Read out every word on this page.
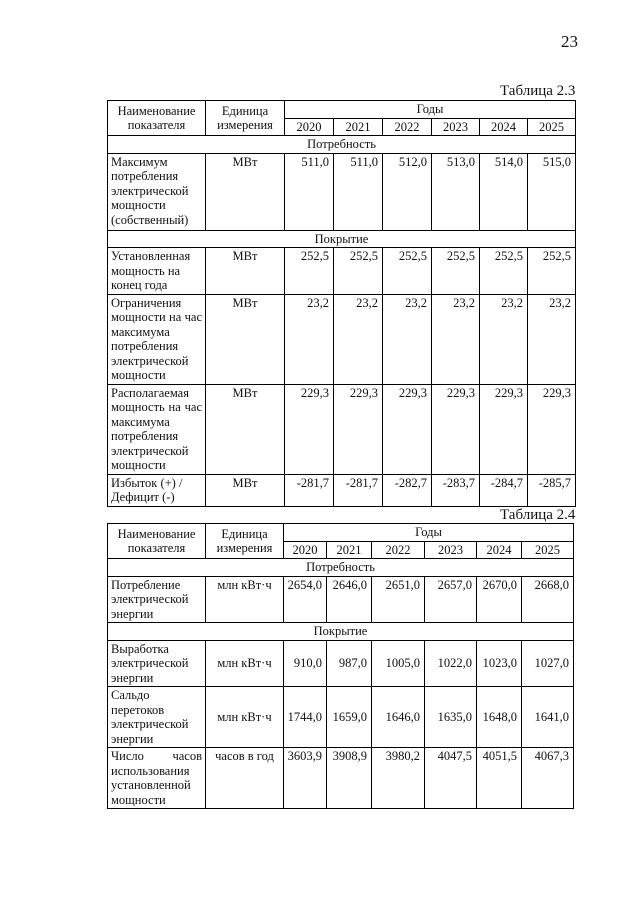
23
Таблица 2.3
Наименование показателя	Единица измерения	Годы					
		2020	2021	2022	2023	2024	2025
Потребность							
Максимум потребления электрической мощности (собственный)	МВт	511,0	511,0	512,0	513,0	514,0	515,0
Покрытие							
Установленная мощность на конец года	МВт	252,5	252,5	252,5	252,5	252,5	252,5
Ограничения мощности на час максимума потребления электрической мощности	МВт	23,2	23,2	23,2	23,2	23,2	23,2
Располагаемая мощность на час максимума потребления электрической мощности	МВт	229,3	229,3	229,3	229,3	229,3	229,3
Избыток (+) / Дефицит (-)	МВт	-281,7	-281,7	-282,7	-283,7	-284,7	-285,7
Таблица 2.4
Наименование показателя	Единица измерения	Годы					
		2020	2021	2022	2023	2024	2025
Потребность							
Потребление электрической энергии	млн кВт·ч	2654,0	2646,0	2651,0	2657,0	2670,0	2668,0
Покрытие							
Выработка электрической энергии	млн кВт·ч	910,0	987,0	1005,0	1022,0	1023,0	1027,0
Сальдо перетоков электрической энергии	млн кВт·ч	1744,0	1659,0	1646,0	1635,0	1648,0	1641,0
Число часов использования установленной мощности	часов в год	3603,9	3908,9	3980,2	4047,5	4051,5	4067,3
